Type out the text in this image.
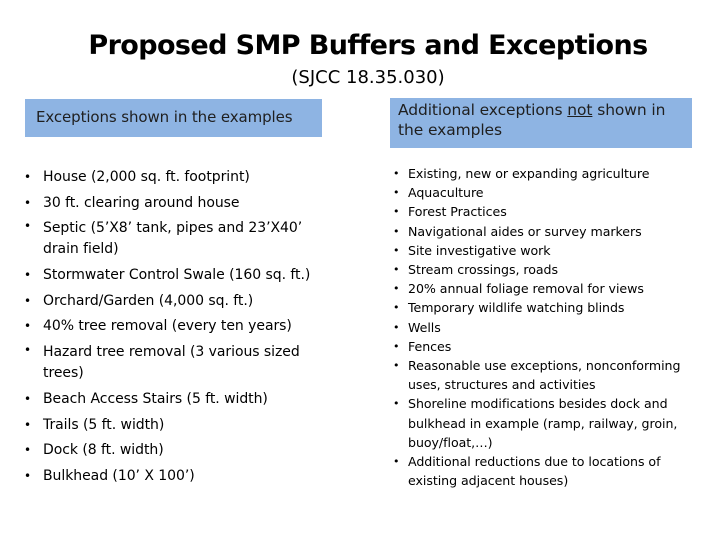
Proposed SMP Buffers and Exceptions
(SJCC 18.35.030)
Exceptions shown in the examples	Additional exceptions not shown in the examples
• House (2,000 sq. ft. footprint)
• 30 ft. clearing around house
• Septic (5’X8’ tank, pipes and 23’X40’ drain field)
• Stormwater Control Swale (160 sq. ft.)
• Orchard/Garden (4,000 sq. ft.)
• 40% tree removal (every ten years)
• Hazard tree removal (3 various sized trees)
• Beach Access Stairs (5 ft. width)
• Trails (5 ft. width)
• Dock (8 ft. width)
• Bulkhead (10’ X 100’)
• Existing, new or expanding agriculture
• Aquaculture
• Forest Practices
• Navigational aides or survey markers
• Site investigative work
• Stream crossings, roads
• 20% annual foliage removal for views
• Temporary wildlife watching blinds
• Wells
• Fences
• Reasonable use exceptions, nonconforming uses, structures and activities
• Shoreline modifications besides dock and bulkhead in example (ramp, railway, groin, buoy/float,…)
• Additional reductions due to locations of existing adjacent houses)
